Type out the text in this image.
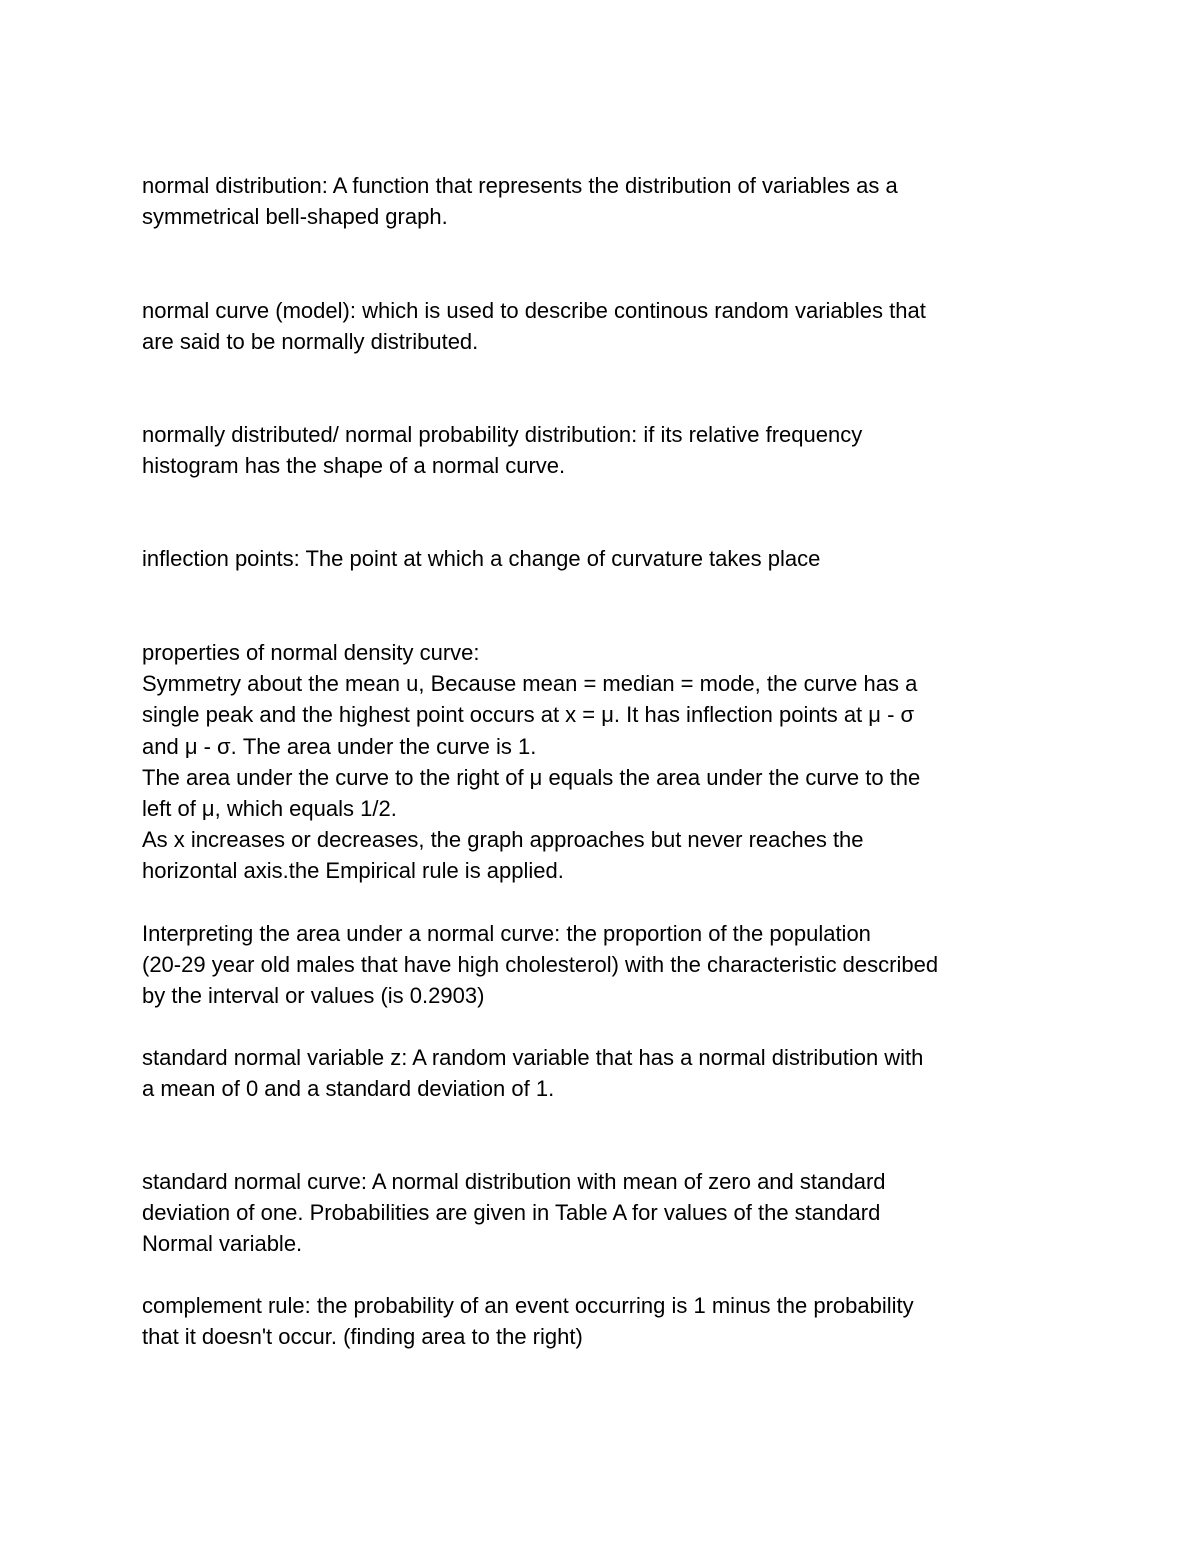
normal distribution: A function that represents the distribution of variables as a
symmetrical bell-shaped graph.

normal curve (model): which is used to describe continous random variables that
are said to be normally distributed.

normally distributed/ normal probability distribution: if its relative frequency
histogram has the shape of a normal curve.

inflection points: The point at which a change of curvature takes place

properties of normal density curve:
Symmetry about the mean u, Because mean = median = mode, the curve has a
single peak and the highest point occurs at x = μ. It has inflection points at μ - σ
and μ - σ. The area under the curve is 1.
The area under the curve to the right of μ equals the area under the curve to the
left of μ, which equals 1/2.
As x increases or decreases, the graph approaches but never reaches the
horizontal axis.the Empirical rule is applied.

Interpreting the area under a normal curve: the proportion of the population
(20-29 year old males that have high cholesterol) with the characteristic described
by the interval or values (is 0.2903)

standard normal variable z: A random variable that has a normal distribution with
a mean of 0 and a standard deviation of 1.

standard normal curve: A normal distribution with mean of zero and standard
deviation of one. Probabilities are given in Table A for values of the standard
Normal variable.

complement rule: the probability of an event occurring is 1 minus the probability
that it doesn't occur. (finding area to the right)
